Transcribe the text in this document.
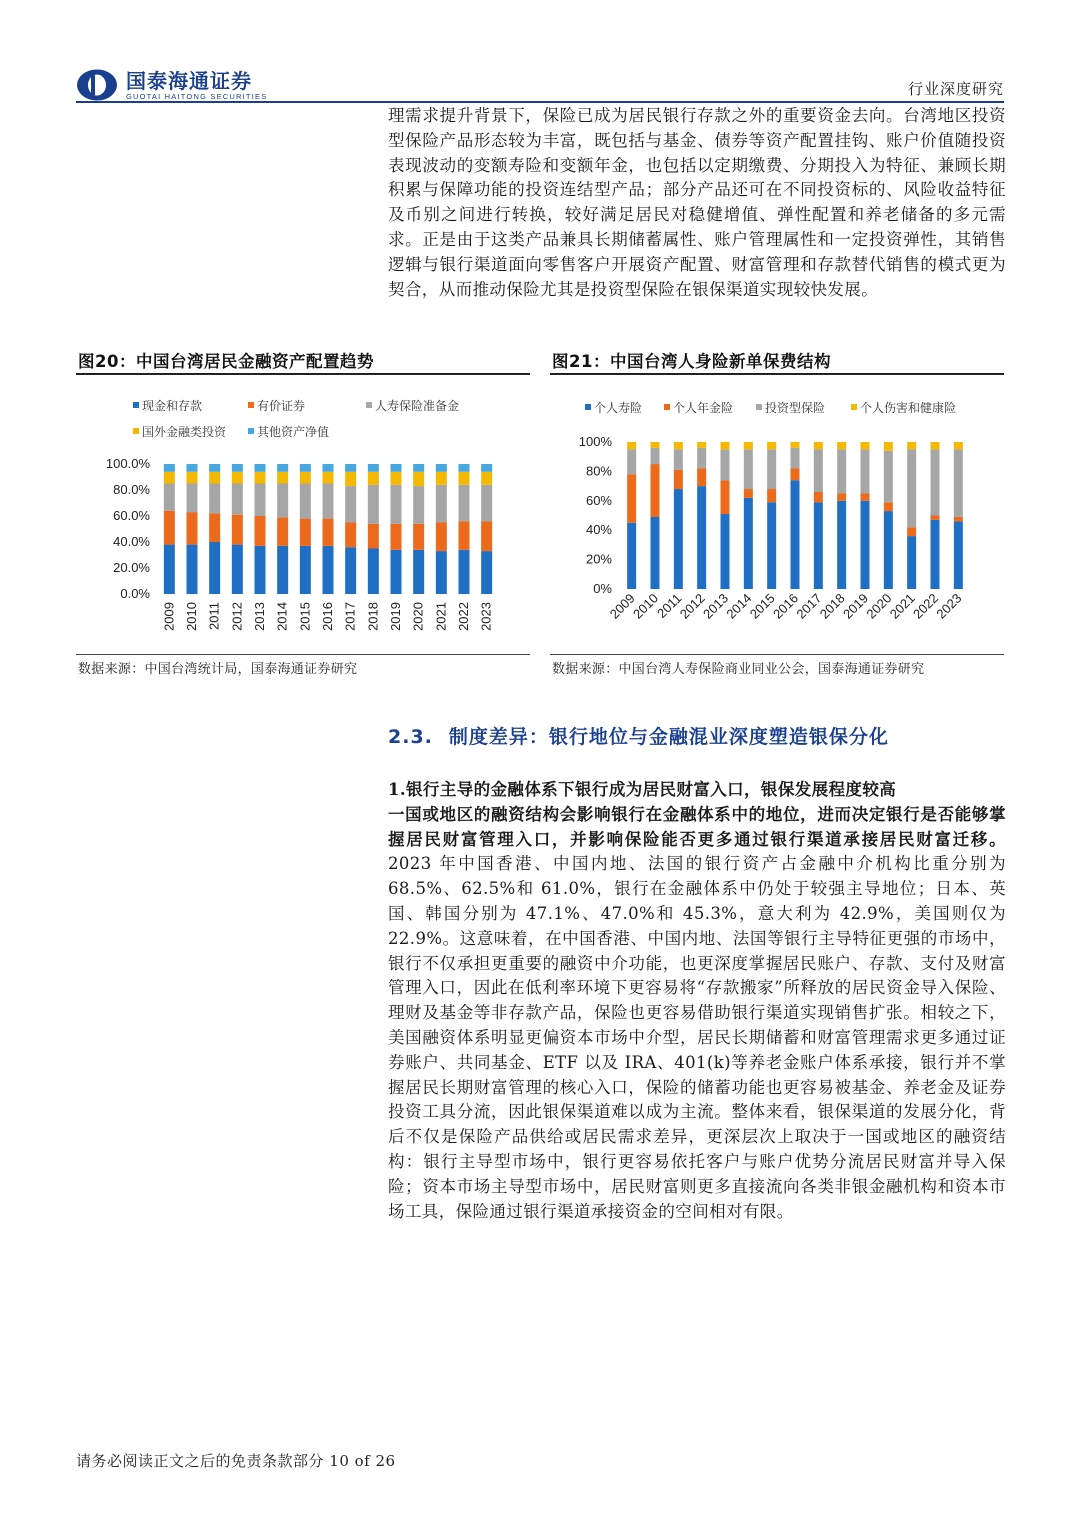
国泰海通证券
GUOTAI HAITONG SECURITIES	行业深度研究
理需求提升背景下，保险已成为居民银行存款之外的重要资金去向。台湾地区投资型保险产品形态较为丰富，既包括与基金、债券等资产配置挂钩、账户价值随投资表现波动的变额寿险和变额年金，也包括以定期缴费、分期投入为特征、兼顾长期积累与保障功能的投资连结型产品；部分产品还可在不同投资标的、风险收益特征及币别之间进行转换，较好满足居民对稳健增值、弹性配置和养老储备的多元需求。正是由于这类产品兼具长期储蓄属性、账户管理属性和一定投资弹性，其销售逻辑与银行渠道面向零售客户开展资产配置、财富管理和存款替代销售的模式更为契合，从而推动保险尤其是投资型保险在银保渠道实现较快发展。
图20：中国台湾居民金融资产配置趋势
现金和存款	有价证券	人寿保险准备金
国外金融类投资	其他资产净值
0.0%
20.0%
40.0%
60.0%
80.0%
100.0%
2009 2010 2011 2012 2013 2014 2015 2016 2017 2018 2019 2020 2021 2022 2023
数据来源：中国台湾统计局，国泰海通证券研究
图21：中国台湾人身险新单保费结构
个人寿险	个人年金险	投资型保险	个人伤害和健康险
0%
20%
40%
60%
80%
100%
2009
2010
2011
2012
2013
2014
2015
2016
2017
2018
2019
2020
2021
2022
2023
数据来源：中国台湾人寿保险商业同业公会，国泰海通证券研究
2.3. 制度差异：银行地位与金融混业深度塑造银保分化
1.银行主导的金融体系下银行成为居民财富入口，银保发展程度较高
一国或地区的融资结构会影响银行在金融体系中的地位，进而决定银行是否能够掌握居民财富管理入口，并影响保险能否更多通过银行渠道承接居民财富迁移。2023 年中国香港、中国内地、法国的银行资产占金融中介机构比重分别为 68.5%、62.5%和 61.0%，银行在金融体系中仍处于较强主导地位；日本、英国、韩国分别为 47.1%、47.0%和 45.3%，意大利为 42.9%，美国则仅为 22.9%。这意味着，在中国香港、中国内地、法国等银行主导特征更强的市场中，银行不仅承担更重要的融资中介功能，也更深度掌握居民账户、存款、支付及财富管理入口，因此在低利率环境下更容易将“存款搬家”所释放的居民资金导入保险、理财及基金等非存款产品，保险也更容易借助银行渠道实现销售扩张。相较之下，美国融资体系明显更偏资本市场中介型，居民长期储蓄和财富管理需求更多通过证券账户、共同基金、ETF 以及 IRA、401(k)等养老金账户体系承接，银行并不掌握居民长期财富管理的核心入口，保险的储蓄功能也更容易被基金、养老金及证券投资工具分流，因此银保渠道难以成为主流。整体来看，银保渠道的发展分化，背后不仅是保险产品供给或居民需求差异，更深层次上取决于一国或地区的融资结构：银行主导型市场中，银行更容易依托客户与账户优势分流居民财富并导入保险；资本市场主导型市场中，居民财富则更多直接流向各类非银金融机构和资本市场工具，保险通过银行渠道承接资金的空间相对有限。
请务必阅读正文之后的免责条款部分 10 of 26
